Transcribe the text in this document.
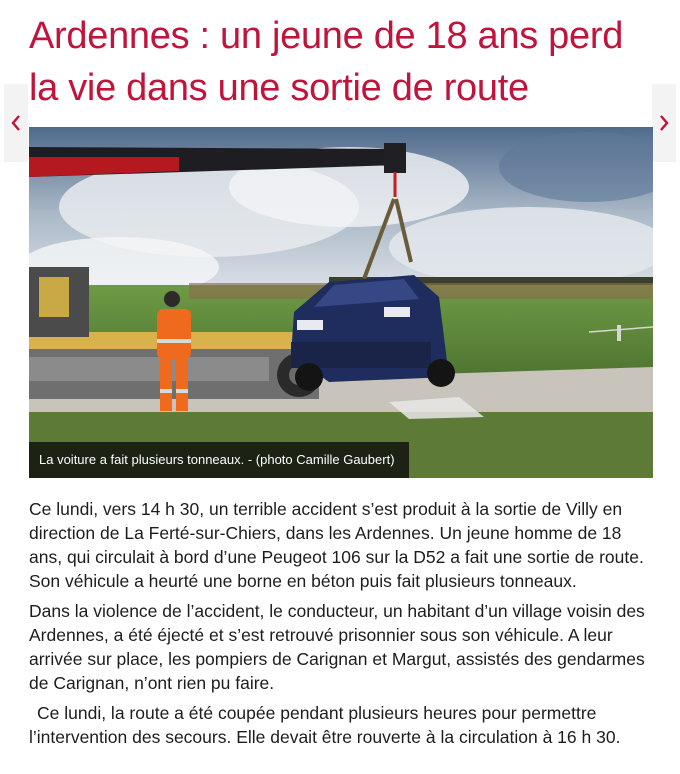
Ardennes : un jeune de 18 ans perd la vie dans une sortie de route
La voiture a fait plusieurs tonneaux. - (photo Camille Gaubert)

Ce lundi, vers 14 h 30, un terrible accident s’est produit à la sortie de Villy en direction de La Ferté-sur-Chiers, dans les Ardennes. Un jeune homme de 18 ans, qui circulait à bord d’une Peugeot 106 sur la D52 a fait une sortie de route. Son véhicule a heurté une borne en béton puis fait plusieurs tonneaux.

Dans la violence de l’accident, le conducteur, un habitant d’un village voisin des Ardennes, a été éjecté et s’est retrouvé prisonnier sous son véhicule. A leur arrivée sur place, les pompiers de Carignan et Margut, assistés des gendarmes de Carignan, n’ont rien pu faire.

Ce lundi, la route a été coupée pendant plusieurs heures pour permettre l’intervention des secours. Elle devait être rouverte à la circulation à 16 h 30.
